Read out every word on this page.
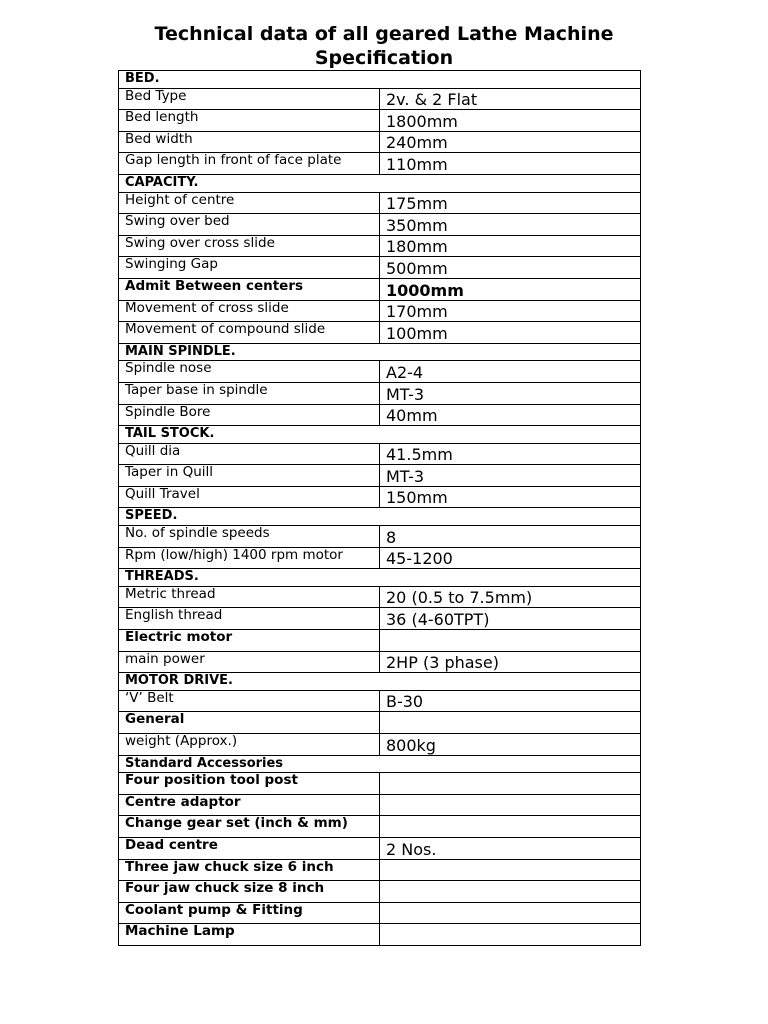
Technical data of all geared Lathe Machine
Specification
BED.	
Bed Type	2v. & 2 Flat
Bed length	1800mm
Bed width	240mm
Gap length in front of face plate	110mm
CAPACITY.	
Height of centre	175mm
Swing over bed	350mm
Swing over cross slide	180mm
Swinging Gap	500mm
Admit Between centers	1000mm
Movement of cross slide	170mm
Movement of compound slide	100mm
MAIN SPINDLE.	
Spindle nose	A2-4
Taper base in spindle	MT-3
Spindle Bore	40mm
TAIL STOCK.	
Quill dia	41.5mm
Taper in Quill	MT-3
Quill Travel	150mm
SPEED.	
No. of spindle speeds	8
Rpm (low/high) 1400 rpm motor	45-1200
THREADS.	
Metric thread	20 (0.5 to 7.5mm)
English thread	36 (4-60TPT)
Electric motor	
main power	2HP (3 phase)
MOTOR DRIVE.	
‘V’ Belt	B-30
General	
weight (Approx.)	800kg
Standard Accessories	
Four position tool post	
Centre adaptor	
Change gear set (inch & mm)	
Dead centre	2 Nos.
Three jaw chuck size 6 inch	
Four jaw chuck size 8 inch	
Coolant pump & Fitting	
Machine Lamp	
